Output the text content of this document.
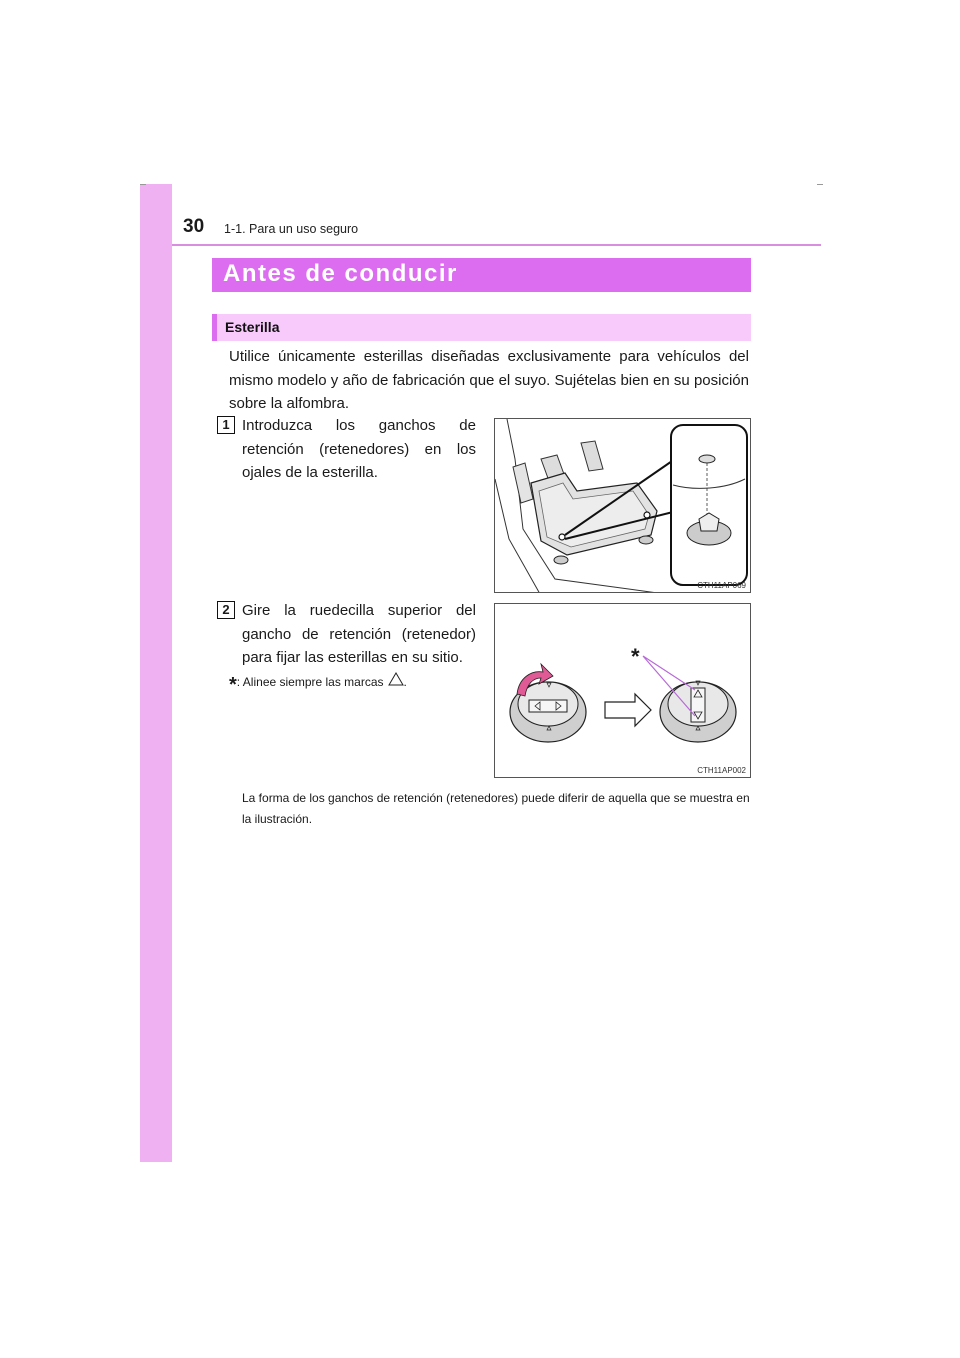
30 1-1. Para un uso seguro
Antes de conducir
Esterilla
Utilice únicamente esterillas diseñadas exclusivamente para vehículos del mismo modelo y año de fabricación que el suyo. Sujételas bien en su posición sobre la alfombra.
1 Introduzca los ganchos de retención (retenedores) en los ojales de la esterilla.
CTH11AP069
2 Gire la ruedecilla superior del gancho de retención (retenedor) para fijar las esterillas en su sitio.
*: Alinee siempre las marcas .
*
CTH11AP002
La forma de los ganchos de retención (retenedores) puede diferir de aquella que se muestra en la ilustración.
